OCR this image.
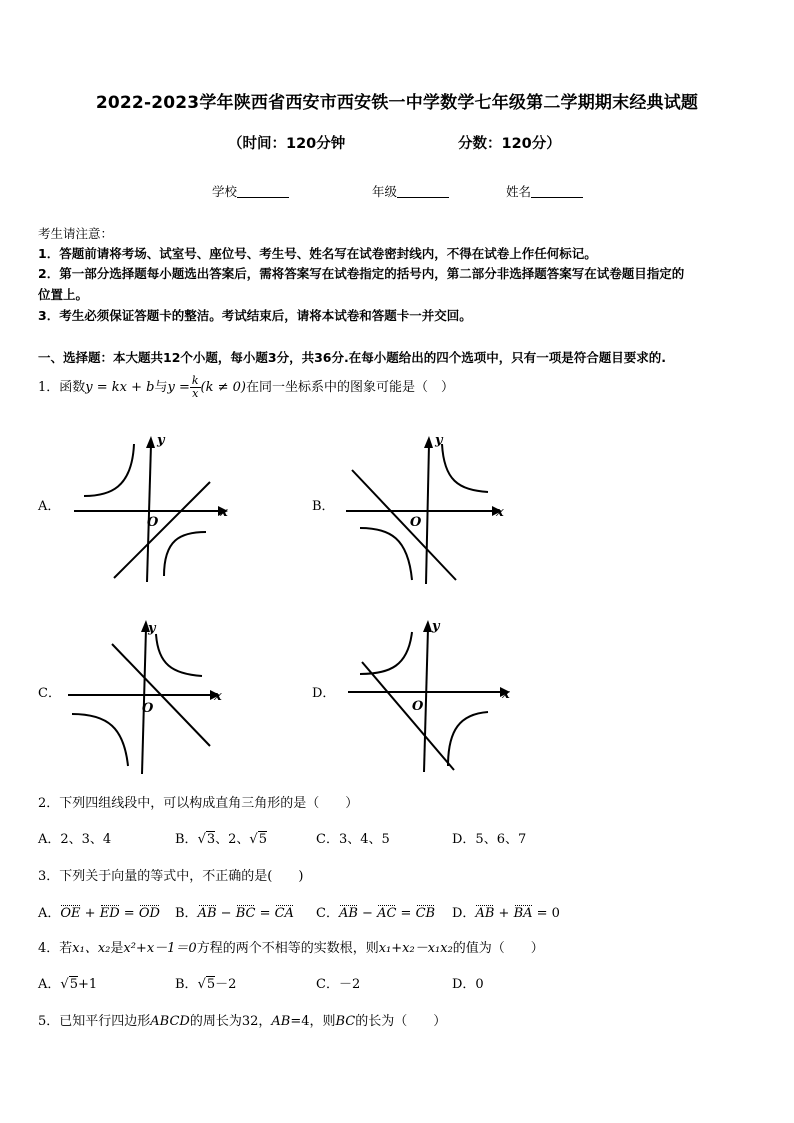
2022-2023学年陕西省西安市西安铁一中学数学七年级第二学期期末经典试题
（时间：120分钟	分数：120分）
学校	年级	姓名
考生请注意：
1．答题前请将考场、试室号、座位号、考生号、姓名写在试卷密封线内，不得在试卷上作任何标记。
2．第一部分选择题每小题选出答案后，需将答案写在试卷指定的括号内，第二部分非选择题答案写在试卷题目指定的
位置上。
3．考生必须保证答题卡的整洁。考试结束后，请将本试卷和答题卡一并交回。
一、选择题：本大题共12个小题，每小题3分，共36分.在每小题给出的四个选项中，只有一项是符合题目要求的.
1．函数y = kx + b与$y = \frac{k}{x} (k \ne 0)$在同一坐标系中的图象可能是（　）
A．	B．
C．	D．
y
x
O
y
x
O
y
x
O
y
x
O
2．下列四组线段中，可以构成直角三角形的是（　　）
A．2、3、4	B．√3、2、√5	C．3、4、5	D．5、6、7
3．下列关于向量的等式中，不正确的是(　　)
A．OE + ED = OD B．AB − BC = CA C．AB − AC = CB D．AB + BA = 0
4．若x₁、x₂是x²+x－1＝0方程的两个不相等的实数根，则x₁+x₂－x₁x₂的值为（　　）
A．√5+1	B．√5－2	C．－2	D．0
5．已知平行四边形ABCD的周长为32，AB=4，则BC的长为（　　）
